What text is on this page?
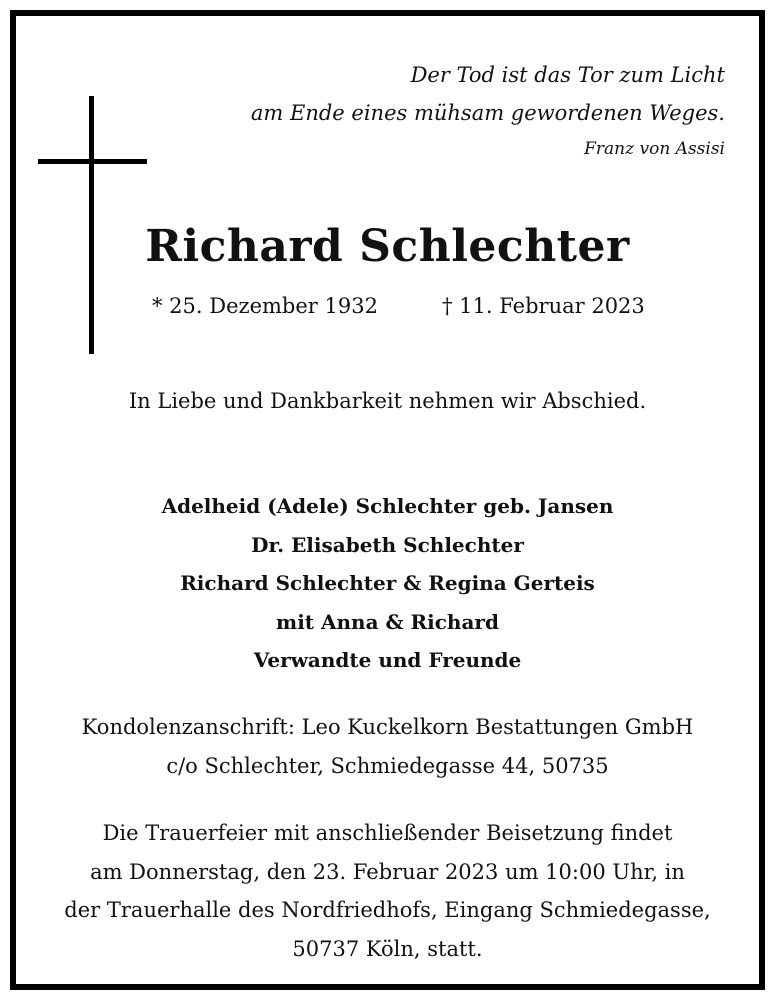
Der Tod ist das Tor zum Licht
am Ende eines mühsam gewordenen Weges.
Franz von Assisi
Richard Schlechter
* 25. Dezember 1932	† 11. Februar 2023
In Liebe und Dankbarkeit nehmen wir Abschied.
Adelheid (Adele) Schlechter geb. Jansen
Dr. Elisabeth Schlechter
Richard Schlechter & Regina Gerteis
mit Anna & Richard
Verwandte und Freunde
Kondolenzanschrift: Leo Kuckelkorn Bestattungen GmbH
c/o Schlechter, Schmiedegasse 44, 50735
Die Trauerfeier mit anschließender Beisetzung findet
am Donnerstag, den 23. Februar 2023 um 10:00 Uhr, in
der Trauerhalle des Nordfriedhofs, Eingang Schmiedegasse,
50737 Köln, statt.
